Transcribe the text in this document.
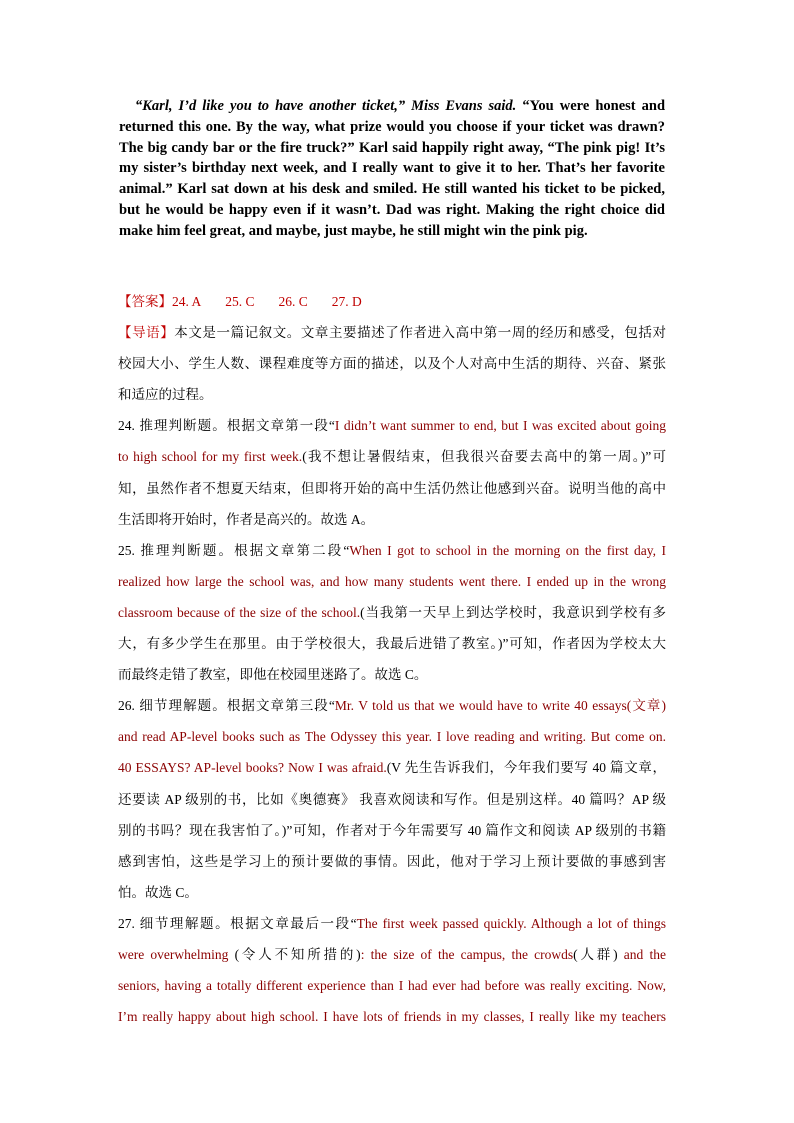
“Karl, I’d like you to have another ticket,” Miss Evans said. “You were honest and returned this one. By the way, what prize would you choose if your ticket was drawn? The big candy bar or the fire truck?” Karl said happily right away, “The pink pig! It’s my sister’s birthday next week, and I really want to give it to her. That’s her favorite animal.” Karl sat down at his desk and smiled. He still wanted his ticket to be picked, but he would be happy even if it wasn’t. Dad was right. Making the right choice did make him feel great, and maybe, just maybe, he still might win the pink pig.

【答案】24. A 25. C 26. C 27. D
【导语】本文是一篇记叙文。文章主要描述了作者进入高中第一周的经历和感受，包括对
校园大小、学生人数、课程难度等方面的描述，以及个人对高中生活的期待、兴奋、紧张
和适应的过程。
24. 推理判断题。根据文章第一段“I didn’t want summer to end, but I was excited about going
to high school for my first week.(我不想让暑假结束，但我很兴奋要去高中的第一周。)”可
知，虽然作者不想夏天结束，但即将开始的高中生活仍然让他感到兴奋。说明当他的高中
生活即将开始时，作者是高兴的。故选 A。
25. 推理判断题。根据文章第二段“When I got to school in the morning on the first day, I
realized how large the school was, and how many students went there. I ended up in the wrong
classroom because of the size of the school.(当我第一天早上到达学校时，我意识到学校有多
大，有多少学生在那里。由于学校很大，我最后进错了教室。)”可知，作者因为学校太大
而最终走错了教室，即他在校园里迷路了。故选 C。
26. 细节理解题。根据文章第三段“Mr. V told us that we would have to write 40 essays(文章)
and read AP-level books such as The Odyssey this year. I love reading and writing. But come on.
40 ESSAYS? AP-level books? Now I was afraid.(V 先生告诉我们，今年我们要写 40 篇文章，
还要读 AP 级别的书，比如《奥德赛》 我喜欢阅读和写作。但是别这样。40 篇吗？AP 级
别的书吗？现在我害怕了。)”可知，作者对于今年需要写 40 篇作文和阅读 AP 级别的书籍
感到害怕，这些是学习上的预计要做的事情。因此，他对于学习上预计要做的事感到害
怕。故选 C。
27. 细节理解题。根据文章最后一段“The first week passed quickly. Although a lot of things
were overwhelming (令人不知所措的): the size of the campus, the crowds(人群) and the
seniors, having a totally different experience than I had ever had before was really exciting. Now,
I’m really happy about high school. I have lots of friends in my classes, I really like my teachers
